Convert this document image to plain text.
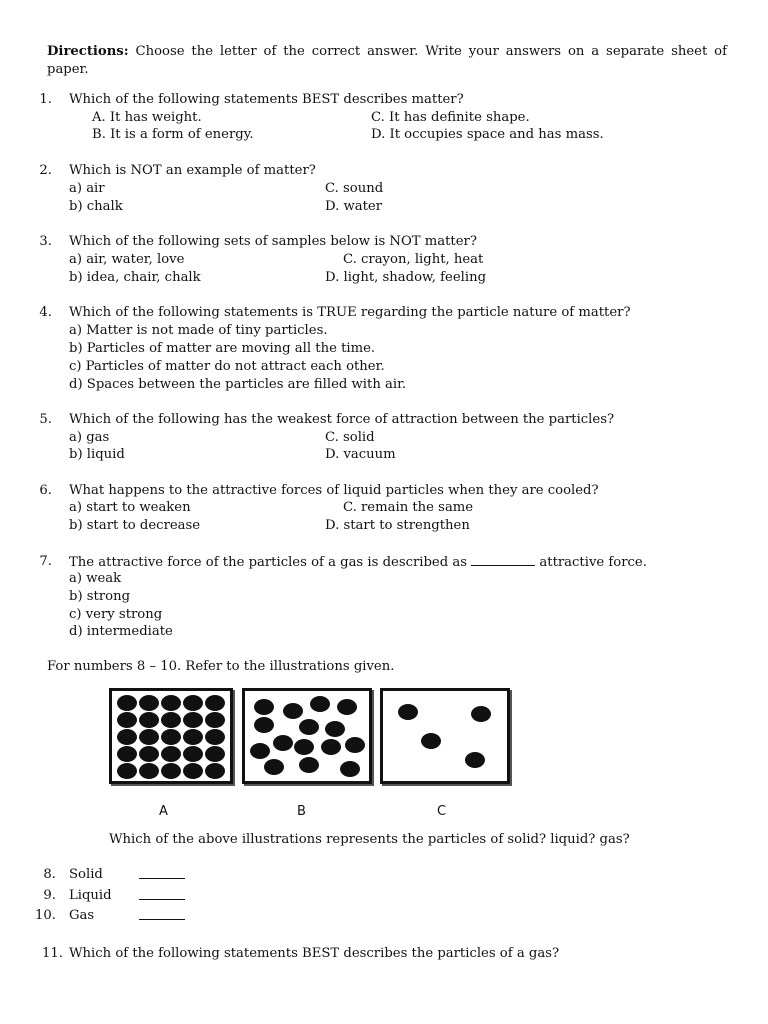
Directions: Choose the letter of the correct answer. Write your answers on a separate sheet of paper.
1. Which of the following statements BEST describes matter?
A. It has weight.
B. It is a form of energy.
C. It has definite shape.
D. It occupies space and has mass.
2. Which is NOT an example of matter?
a) air
b) chalk
C. sound
D. water
3. Which of the following sets of samples below is NOT matter?
a) air, water, love
b) idea, chair, chalk
C. crayon, light, heat
D. light, shadow, feeling
4. Which of the following statements is TRUE regarding the particle nature of matter?
a) Matter is not made of tiny particles.
b) Particles of matter are moving all the time.
c) Particles of matter do not attract each other.
d) Spaces between the particles are filled with air.
5. Which of the following has the weakest force of attraction between the particles?
a) gas
b) liquid
C. solid
D. vacuum
6. What happens to the attractive forces of liquid particles when they are cooled?
a) start to weaken
b) start to decrease
C. remain the same
D. start to strengthen
7. The attractive force of the particles of a gas is described as	attractive force.
a) weak
b) strong
c) very strong
d) intermediate
For numbers 8 – 10. Refer to the illustrations given.
A	B	C
Which of the above illustrations represents the particles of solid? liquid? gas?
8. Solid
9. Liquid
10. Gas
11. Which of the following statements BEST describes the particles of a gas?
